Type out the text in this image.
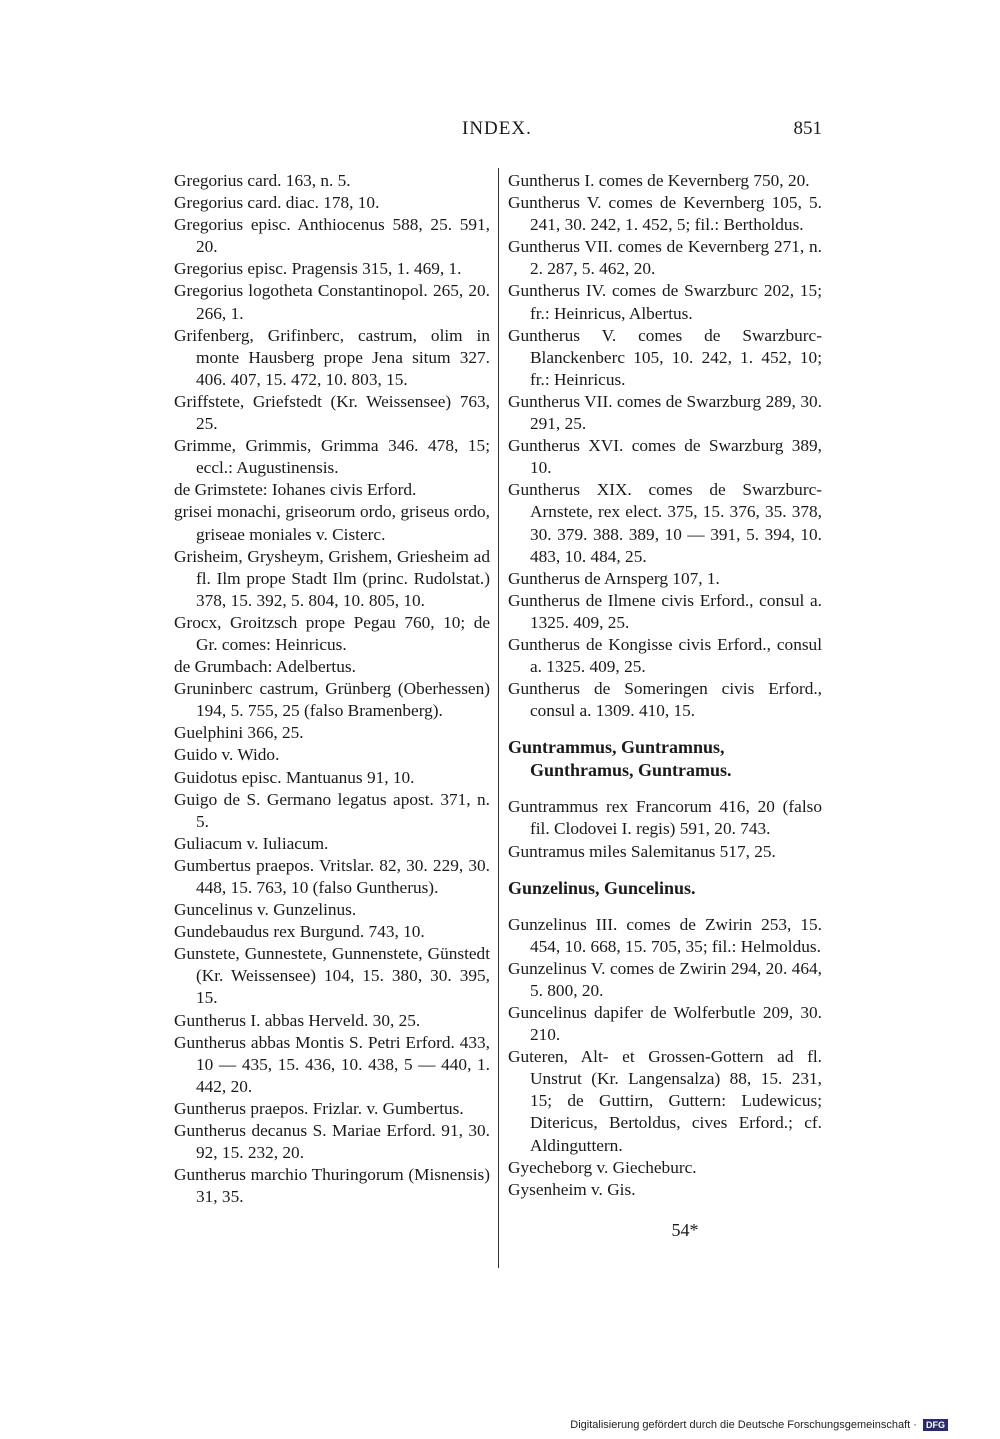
INDEX.	851
Gregorius card. 163, n. 5.
Gregorius card. diac. 178, 10.
Gregorius episc. Anthiocenus 588, 25. 591, 20.
Gregorius episc. Pragensis 315, 1. 469, 1.
Gregorius logotheta Constantinopol. 265, 20. 266, 1.
Grifenberg, Grifinberc, castrum, olim in monte Hausberg prope Jena situm 327. 406. 407, 15. 472, 10. 803, 15.
Griffstete, Griefstedt (Kr. Weissensee) 763, 25.
Grimme, Grimmis, Grimma 346. 478, 15; eccl.: Augustinensis.
de Grimstete: Iohanes civis Erford.
grisei monachi, griseorum ordo, griseus ordo, griseae moniales v. Cisterc.
Grisheim, Grysheym, Grishem, Griesheim ad fl. Ilm prope Stadt Ilm (princ. Rudolstat.) 378, 15. 392, 5. 804, 10. 805, 10.
Grocx, Groitzsch prope Pegau 760, 10; de Gr. comes: Heinricus.
de Grumbach: Adelbertus.
Gruninberc castrum, Grünberg (Oberhessen) 194, 5. 755, 25 (falso Bramenberg).
Guelphini 366, 25.
Guido v. Wido.
Guidotus episc. Mantuanus 91, 10.
Guigo de S. Germano legatus apost. 371, n. 5.
Guliacum v. Iuliacum.
Gumbertus praepos. Vritslar. 82, 30. 229, 30. 448, 15. 763, 10 (falso Guntherus).
Guncelinus v. Gunzelinus.
Gundebaudus rex Burgund. 743, 10.
Gunstete, Gunnestete, Gunnenstete, Günstedt (Kr. Weissensee) 104, 15. 380, 30. 395, 15.
Guntherus I. abbas Herveld. 30, 25.
Guntherus abbas Montis S. Petri Erford. 433, 10 — 435, 15. 436, 10. 438, 5 — 440, 1. 442, 20.
Guntherus praepos. Frizlar. v. Gumbertus.
Guntherus decanus S. Mariae Erford. 91, 30. 92, 15. 232, 20.
Guntherus marchio Thuringorum (Misnensis) 31, 35.
Guntherus I. comes de Kevernberg 750, 20.
Guntherus V. comes de Kevernberg 105, 5. 241, 30. 242, 1. 452, 5; fil.: Bertholdus.
Guntherus VII. comes de Kevernberg 271, n. 2. 287, 5. 462, 20.
Guntherus IV. comes de Swarzburc 202, 15; fr.: Heinricus, Albertus.
Guntherus V. comes de Swarzburc-Blanckenberc 105, 10. 242, 1. 452, 10; fr.: Heinricus.
Guntherus VII. comes de Swarzburg 289, 30. 291, 25.
Guntherus XVI. comes de Swarzburg 389, 10.
Guntherus XIX. comes de Swarzburc-Arnstete, rex elect. 375, 15. 376, 35. 378, 30. 379. 388. 389, 10 — 391, 5. 394, 10. 483, 10. 484, 25.
Guntherus de Arnsperg 107, 1.
Guntherus de Ilmene civis Erford., consul a. 1325. 409, 25.
Guntherus de Kongisse civis Erford., consul a. 1325. 409, 25.
Guntherus de Someringen civis Erford., consul a. 1309. 410, 15.
Guntrammus, Guntramnus, Gunthramus, Guntramus.
Guntrammus rex Francorum 416, 20 (falso fil. Clodovei I. regis) 591, 20. 743.
Guntramus miles Salemitanus 517, 25.
Gunzelinus, Guncelinus.
Gunzelinus III. comes de Zwirin 253, 15. 454, 10. 668, 15. 705, 35; fil.: Helmoldus.
Gunzelinus V. comes de Zwirin 294, 20. 464, 5. 800, 20.
Guncelinus dapifer de Wolferbutle 209, 30. 210.
Guteren, Alt- et Grossen-Gottern ad fl. Unstrut (Kr. Langensalza) 88, 15. 231, 15; de Guttirn, Guttern: Ludewicus; Ditericus, Bertoldus, cives Erford.; cf. Aldinguttern.
Gyecheborg v. Giecheburc.
Gysenheim v. Gis.
54*
Digitalisierung gefördert durch die Deutsche Forschungsgemeinschaft · DFG
